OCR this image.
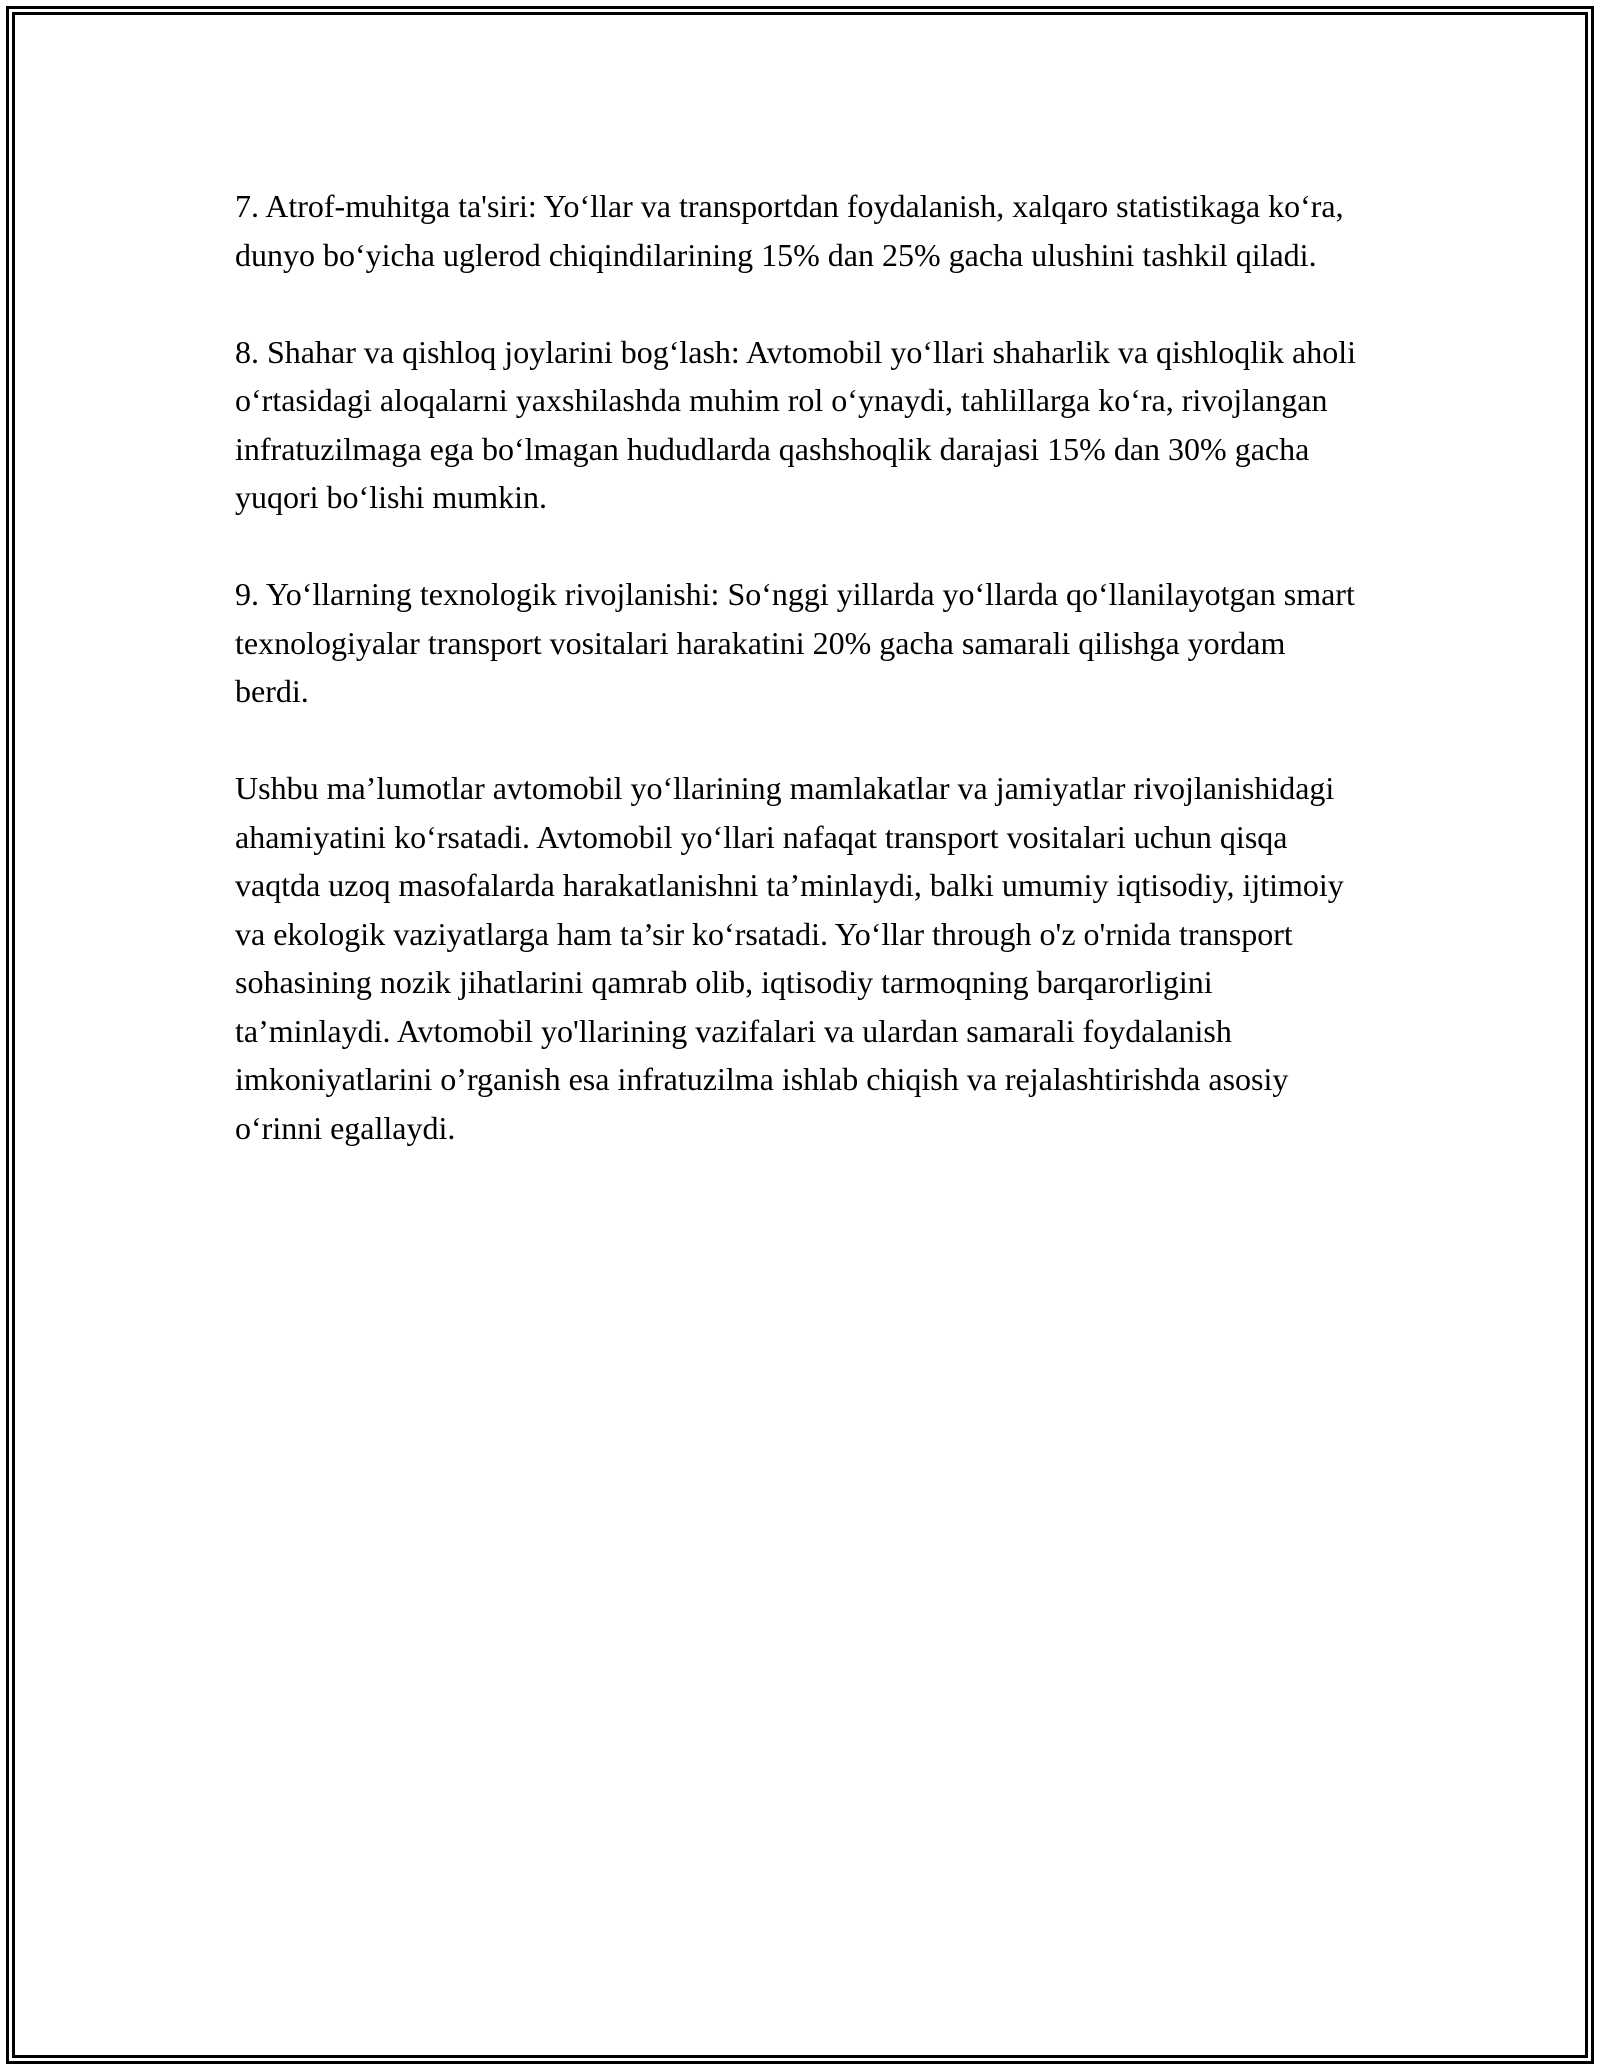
7. Atrof-muhitga ta'siri: Yo‘llar va transportdan foydalanish, xalqaro statistikaga ko‘ra, dunyo bo‘yicha uglerod chiqindilarining 15% dan 25% gacha ulushini tashkil qiladi.

8. Shahar va qishloq joylarini bog‘lash: Avtomobil yo‘llari shaharlik va qishloqlik aholi o‘rtasidagi aloqalarni yaxshilashda muhim rol o‘ynaydi, tahlillarga ko‘ra, rivojlangan infratuzilmaga ega bo‘lmagan hududlarda qashshoqlik darajasi 15% dan 30% gacha yuqori bo‘lishi mumkin.

9. Yo‘llarning texnologik rivojlanishi: So‘nggi yillarda yo‘llarda qo‘llanilayotgan smart texnologiyalar transport vositalari harakatini 20% gacha samarali qilishga yordam berdi.

Ushbu ma’lumotlar avtomobil yo‘llarining mamlakatlar va jamiyatlar rivojlanishidagi ahamiyatini ko‘rsatadi. Avtomobil yo‘llari nafaqat transport vositalari uchun qisqa vaqtda uzoq masofalarda harakatlanishni ta’minlaydi, balki umumiy iqtisodiy, ijtimoiy va ekologik vaziyatlarga ham ta’sir ko‘rsatadi. Yo‘llar through o'z o'rnida transport sohasining nozik jihatlarini qamrab olib, iqtisodiy tarmoqning barqarorligini ta’minlaydi. Avtomobil yo'llarining vazifalari va ulardan samarali foydalanish imkoniyatlarini o’rganish esa infratuzilma ishlab chiqish va rejalashtirishda asosiy o‘rinni egallaydi.
